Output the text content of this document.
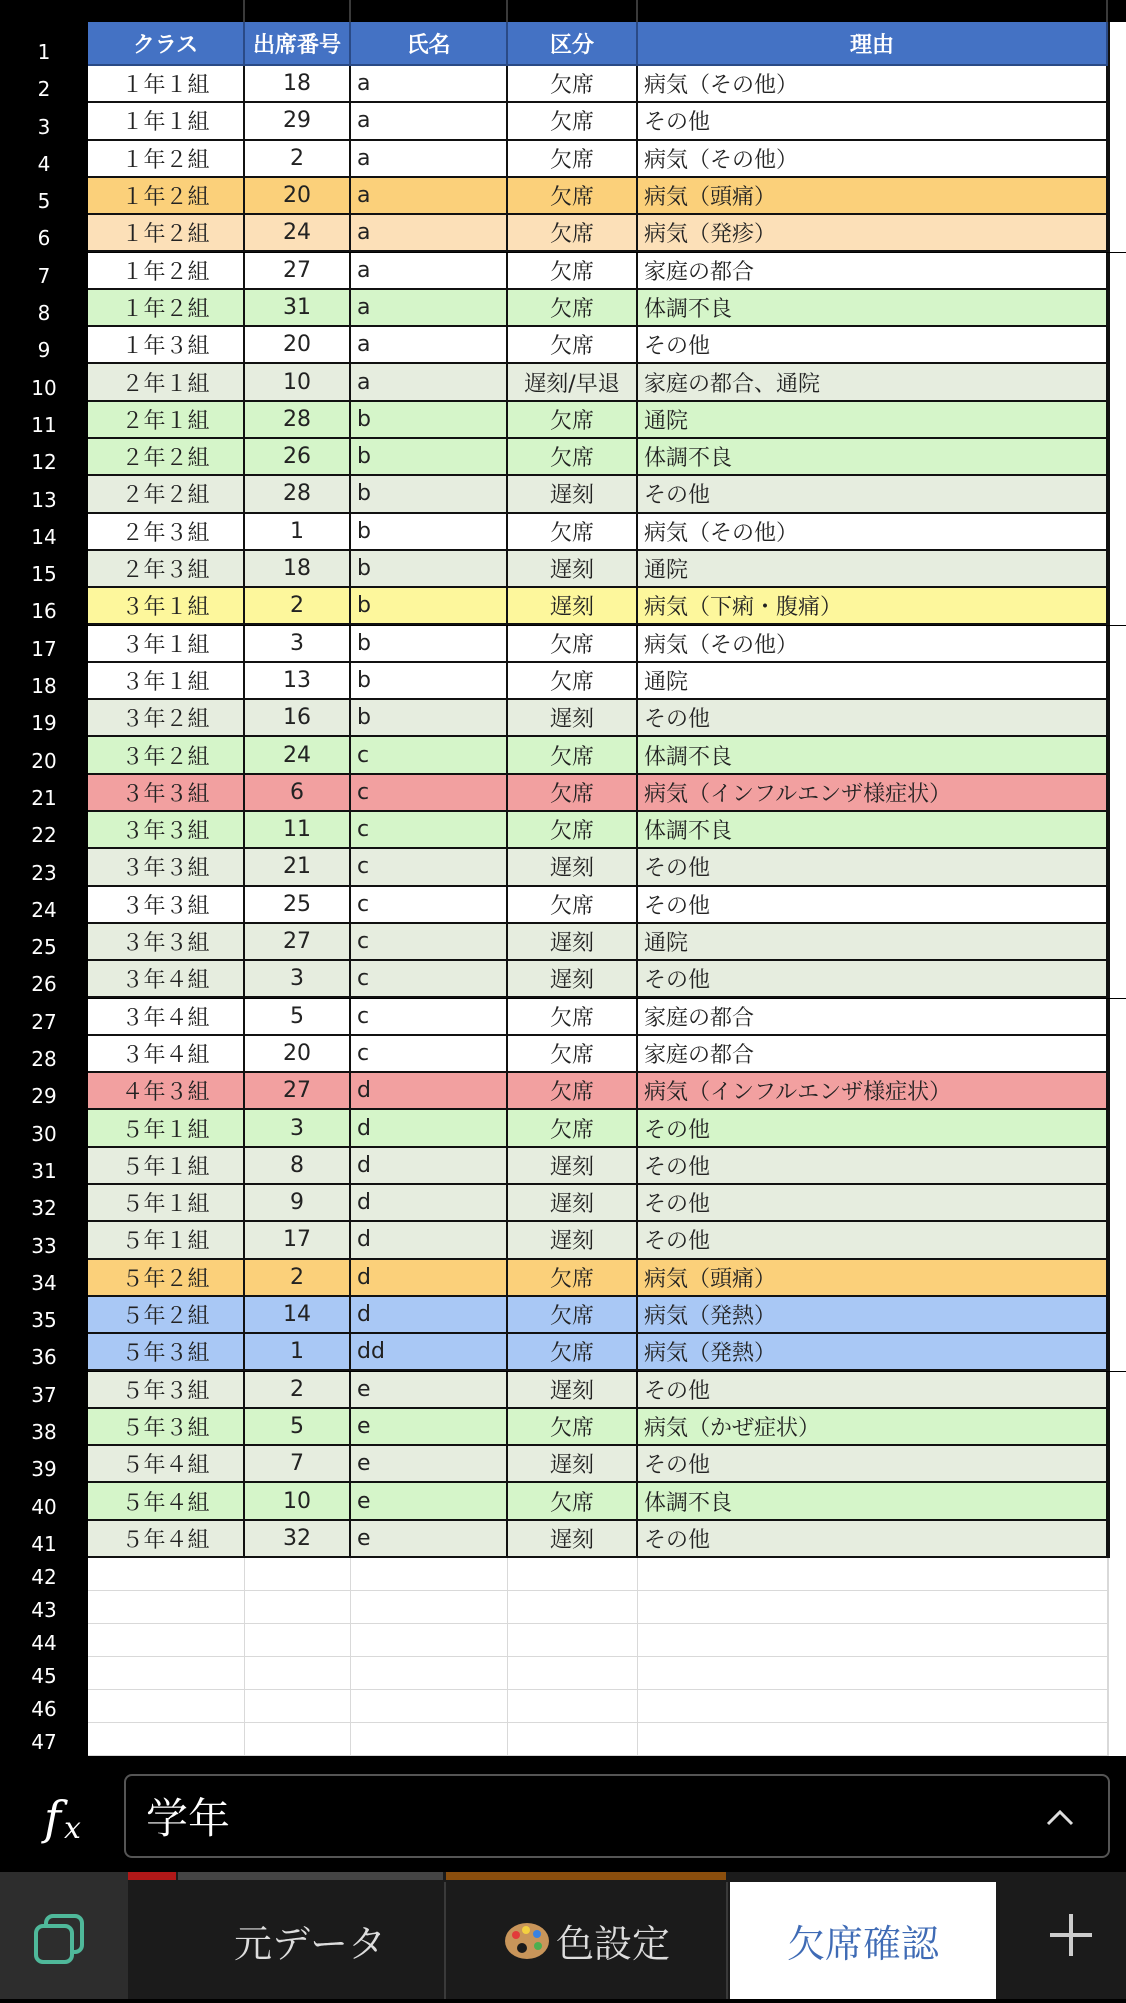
1	クラス	出席番号	氏名	区分	理由
2	１年１組	18	a	欠席	病気（その他）
3	１年１組	29	a	欠席	その他
4	１年２組	2	a	欠席	病気（その他）
5	１年２組	20	a	欠席	病気（頭痛）
6	１年２組	24	a	欠席	病気（発疹）
7	１年２組	27	a	欠席	家庭の都合
8	１年２組	31	a	欠席	体調不良
9	１年３組	20	a	欠席	その他
10	２年１組	10	a	遅刻/早退	家庭の都合、通院
11	２年１組	28	b	欠席	通院
12	２年２組	26	b	欠席	体調不良
13	２年２組	28	b	遅刻	その他
14	２年３組	1	b	欠席	病気（その他）
15	２年３組	18	b	遅刻	通院
16	３年１組	2	b	遅刻	病気（下痢・腹痛）
17	３年１組	3	b	欠席	病気（その他）
18	３年１組	13	b	欠席	通院
19	３年２組	16	b	遅刻	その他
20	３年２組	24	c	欠席	体調不良
21	３年３組	6	c	欠席	病気（インフルエンザ様症状）
22	３年３組	11	c	欠席	体調不良
23	３年３組	21	c	遅刻	その他
24	３年３組	25	c	欠席	その他
25	３年３組	27	c	遅刻	通院
26	３年４組	3	c	遅刻	その他
27	３年４組	5	c	欠席	家庭の都合
28	３年４組	20	c	欠席	家庭の都合
29	４年３組	27	d	欠席	病気（インフルエンザ様症状）
30	５年１組	3	d	欠席	その他
31	５年１組	8	d	遅刻	その他
32	５年１組	9	d	遅刻	その他
33	５年１組	17	d	遅刻	その他
34	５年２組	2	d	欠席	病気（頭痛）
35	５年２組	14	d	欠席	病気（発熱）
36	５年３組	1	dd	欠席	病気（発熱）
37	５年３組	2	e	遅刻	その他
38	５年３組	5	e	欠席	病気（かぜ症状）
39	５年４組	7	e	遅刻	その他
40	５年４組	10	e	欠席	体調不良
41	５年４組	32	e	遅刻	その他
42
43
44
45
46
47
f x 学年
元データ	色設定	欠席確認
